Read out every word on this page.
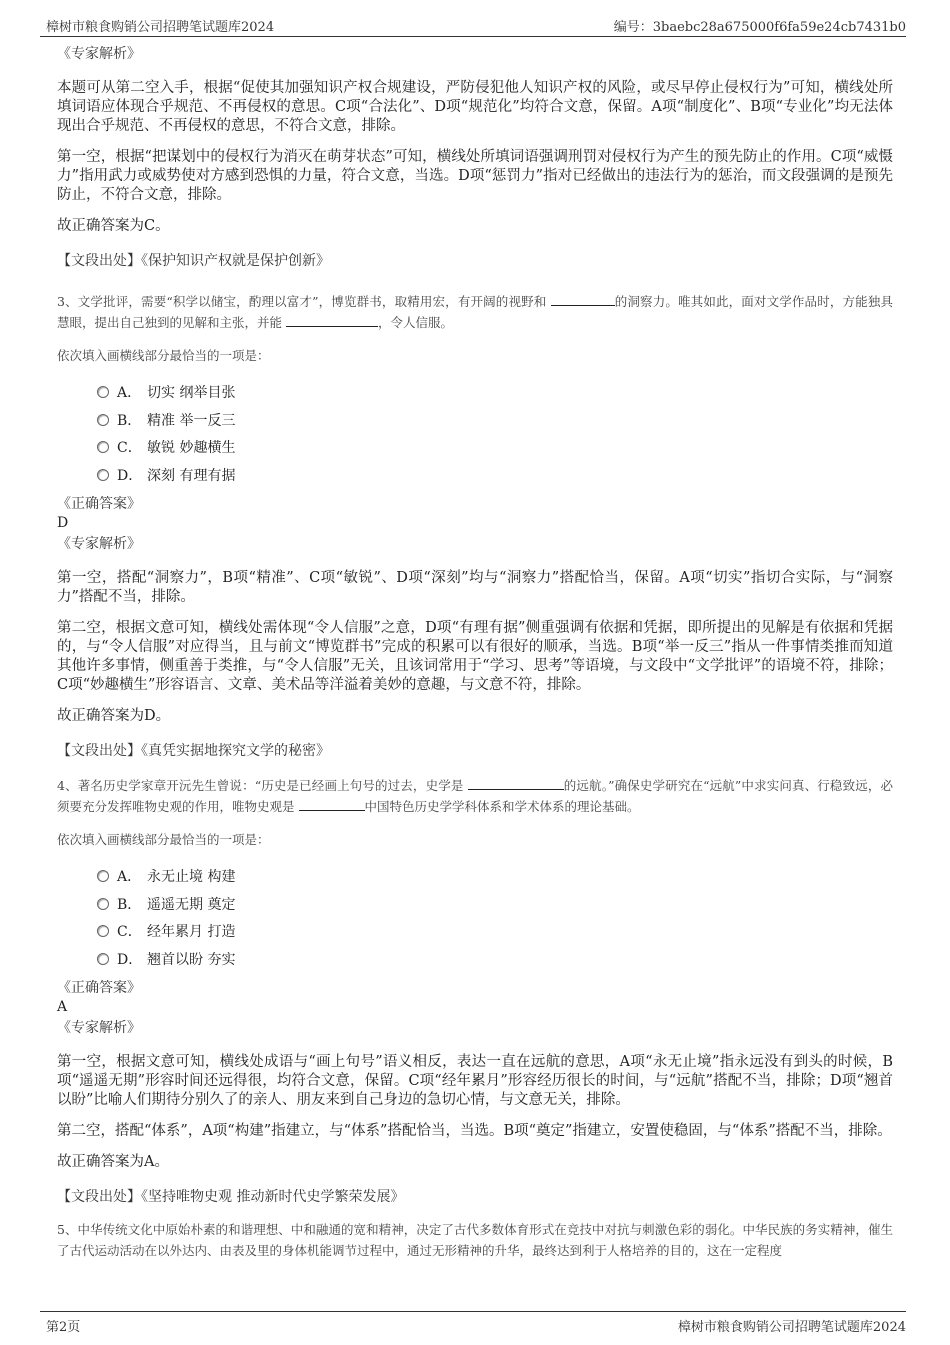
樟树市粮食购销公司招聘笔试题库2024	编号：3baebc28a675000f6fa59e24cb7431b0
《专家解析》

本题可从第二空入手，根据“促使其加强知识产权合规建设，严防侵犯他人知识产权的风险，或尽早停止侵权行为”可知，横线处所填词语应体现合乎规范、不再侵权的意思。C项“合法化”、D项“规范化”均符合文意，保留。A项“制度化”、B项“专业化”均无法体现出合乎规范、不再侵权的意思，不符合文意，排除。

第一空，根据“把谋划中的侵权行为消灭在萌芽状态”可知，横线处所填词语强调刑罚对侵权行为产生的预先防止的作用。C项“威慑力”指用武力或威势使对方感到恐惧的力量，符合文意，当选。D项“惩罚力”指对已经做出的违法行为的惩治，而文段强调的是预先防止，不符合文意，排除。

故正确答案为C。

【文段出处】《保护知识产权就是保护创新》

3、文学批评，需要“积学以储宝，酌理以富才”，博览群书，取精用宏，有开阔的视野和	的洞察力。唯其如此，面对文学作品时，方能独具慧眼，提出自己独到的见解和主张，并能	，令人信服。

依次填入画横线部分最恰当的一项是：
A． 切实 纲举目张
B． 精准 举一反三
C． 敏锐 妙趣横生
D． 深刻 有理有据
《正确答案》
D
《专家解析》

第一空，搭配“洞察力”，B项“精准”、C项“敏锐”、D项“深刻”均与“洞察力”搭配恰当，保留。A项“切实”指切合实际，与“洞察力”搭配不当，排除。

第二空，根据文意可知，横线处需体现“令人信服”之意，D项“有理有据”侧重强调有依据和凭据，即所提出的见解是有依据和凭据的，与“令人信服”对应得当，且与前文“博览群书”完成的积累可以有很好的顺承，当选。B项“举一反三”指从一件事情类推而知道其他许多事情，侧重善于类推，与“令人信服”无关，且该词常用于“学习、思考”等语境，与文段中“文学批评”的语境不符，排除；C项“妙趣横生”形容语言、文章、美术品等洋溢着美妙的意趣，与文意不符，排除。

故正确答案为D。

【文段出处】《真凭实据地探究文学的秘密》

4、著名历史学家章开沅先生曾说：“历史是已经画上句号的过去，史学是	的远航。”确保史学研究在“远航”中求实问真、行稳致远，必须要充分发挥唯物史观的作用，唯物史观是	中国特色历史学学科体系和学术体系的理论基础。

依次填入画横线部分最恰当的一项是：
A． 永无止境 构建
B． 遥遥无期 奠定
C． 经年累月 打造
D． 翘首以盼 夯实
《正确答案》
A
《专家解析》

第一空，根据文意可知，横线处成语与“画上句号”语义相反，表达一直在远航的意思，A项“永无止境”指永远没有到头的时候，B项“遥遥无期”形容时间还远得很，均符合文意，保留。C项“经年累月”形容经历很长的时间，与“远航”搭配不当，排除；D项“翘首以盼”比喻人们期待分别久了的亲人、朋友来到自己身边的急切心情，与文意无关，排除。

第二空，搭配“体系”，A项“构建”指建立，与“体系”搭配恰当，当选。B项“奠定”指建立，安置使稳固，与“体系”搭配不当，排除。

故正确答案为A。

【文段出处】《坚持唯物史观 推动新时代史学繁荣发展》

5、中华传统文化中原始朴素的和谐理想、中和融通的宽和精神，决定了古代多数体育形式在竞技中对抗与刺激色彩的弱化。中华民族的务实精神，催生了古代运动活动在以外达内、由表及里的身体机能调节过程中，通过无形精神的升华，最终达到利于人格培养的目的，这在一定程度

第2页	樟树市粮食购销公司招聘笔试题库2024
